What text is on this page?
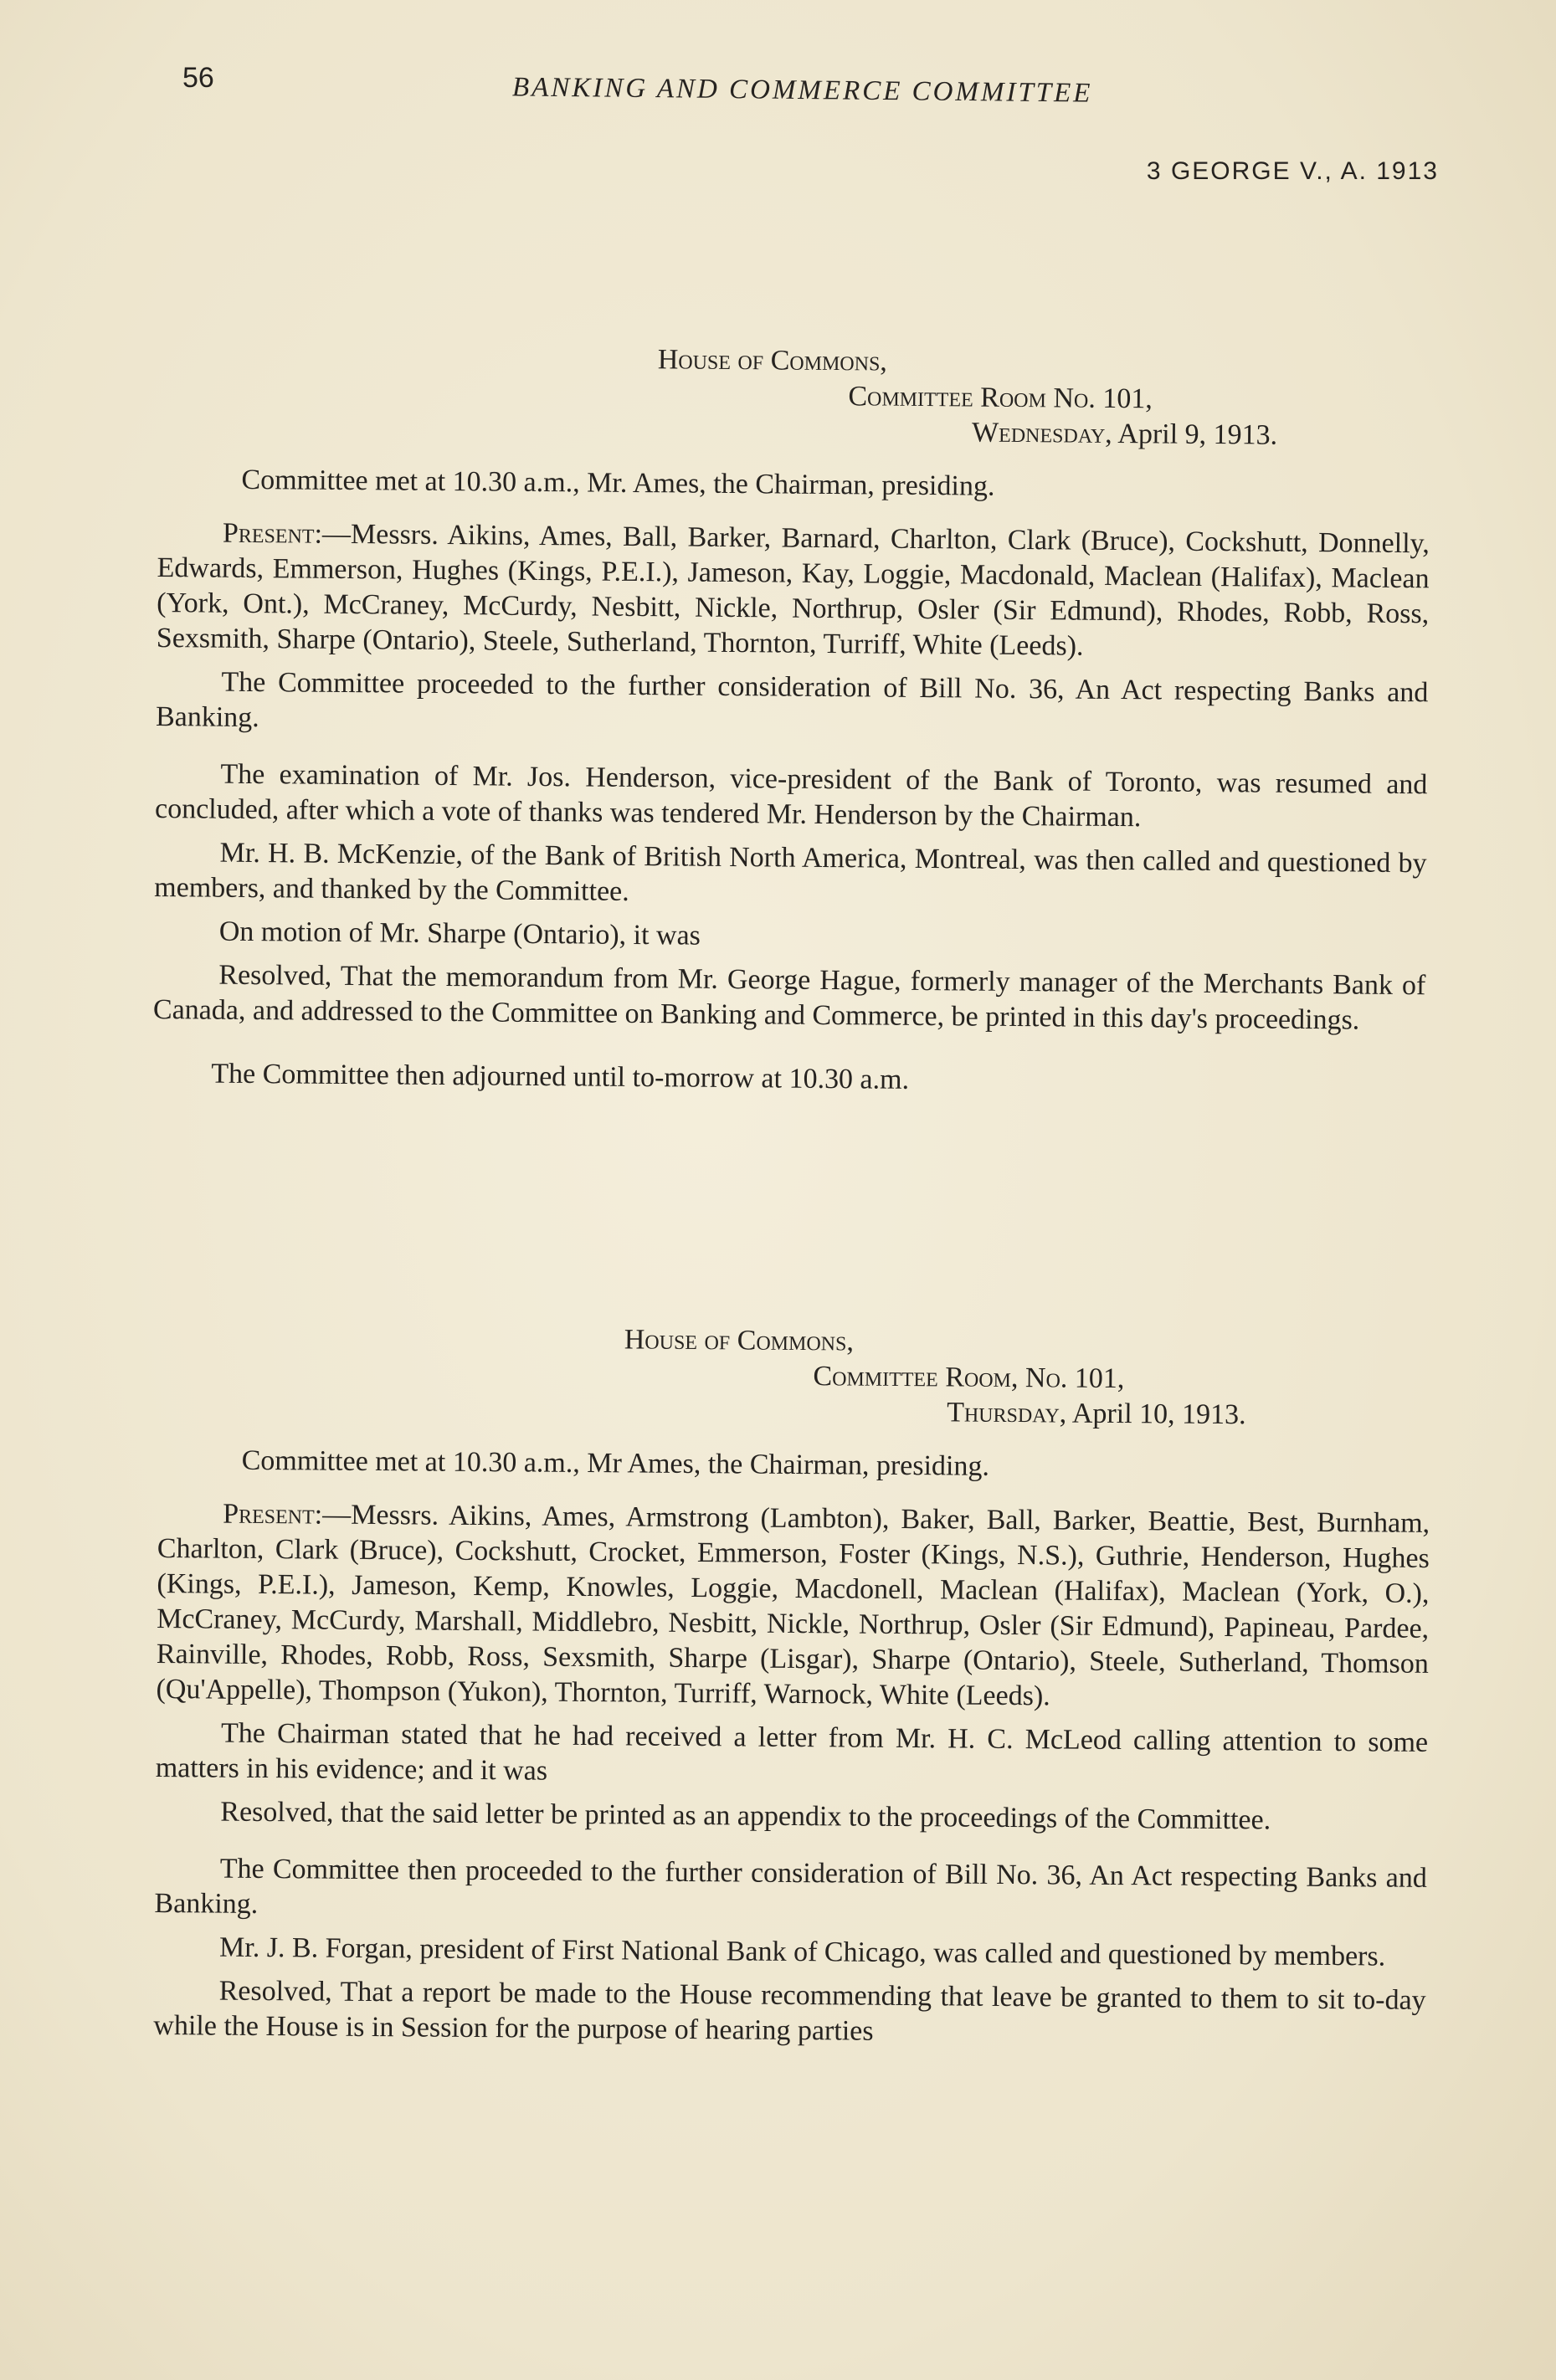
56	BANKING AND COMMERCE COMMITTEE
3 GEORGE V., A. 1913
House of Commons,
Committee Room No. 101,
Wednesday, April 9, 1913.

Committee met at 10.30 a.m., Mr. Ames, the Chairman, presiding.

Present:—Messrs. Aikins, Ames, Ball, Barker, Barnard, Charlton, Clark (Bruce), Cockshutt, Donnelly, Edwards, Emmerson, Hughes (Kings, P.E.I.), Jameson, Kay, Loggie, Macdonald, Maclean (Halifax), Maclean (York, Ont.), McCraney, McCurdy, Nesbitt, Nickle, Northrup, Osler (Sir Edmund), Rhodes, Robb, Ross, Sexsmith, Sharpe (Ontario), Steele, Sutherland, Thornton, Turriff, White (Leeds).

The Committee proceeded to the further consideration of Bill No. 36, An Act respecting Banks and Banking.

The examination of Mr. Jos. Henderson, vice-president of the Bank of Toronto, was resumed and concluded, after which a vote of thanks was tendered Mr. Henderson by the Chairman.

Mr. H. B. McKenzie, of the Bank of British North America, Montreal, was then called and questioned by members, and thanked by the Committee.

On motion of Mr. Sharpe (Ontario), it was

Resolved, That the memorandum from Mr. George Hague, formerly manager of the Merchants Bank of Canada, and addressed to the Committee on Banking and Commerce, be printed in this day's proceedings.

The Committee then adjourned until to-morrow at 10.30 a.m.

House of Commons,
Committee Room, No. 101,
Thursday, April 10, 1913.

Committee met at 10.30 a.m., Mr Ames, the Chairman, presiding.

Present:—Messrs. Aikins, Ames, Armstrong (Lambton), Baker, Ball, Barker, Beattie, Best, Burnham, Charlton, Clark (Bruce), Cockshutt, Crocket, Emmerson, Foster (Kings, N.S.), Guthrie, Henderson, Hughes (Kings, P.E.I.), Jameson, Kemp, Knowles, Loggie, Macdonell, Maclean (Halifax), Maclean (York, O.), McCraney, McCurdy, Marshall, Middlebro, Nesbitt, Nickle, Northrup, Osler (Sir Edmund), Papineau, Pardee, Rainville, Rhodes, Robb, Ross, Sexsmith, Sharpe (Lisgar), Sharpe (Ontario), Steele, Sutherland, Thomson (Qu'Appelle), Thompson (Yukon), Thornton, Turriff, Warnock, White (Leeds).

The Chairman stated that he had received a letter from Mr. H. C. McLeod calling attention to some matters in his evidence; and it was

Resolved, that the said letter be printed as an appendix to the proceedings of the Committee.

The Committee then proceeded to the further consideration of Bill No. 36, An Act respecting Banks and Banking.

Mr. J. B. Forgan, president of First National Bank of Chicago, was called and questioned by members.

Resolved, That a report be made to the House recommending that leave be granted to them to sit to-day while the House is in Session for the purpose of hearing parties
